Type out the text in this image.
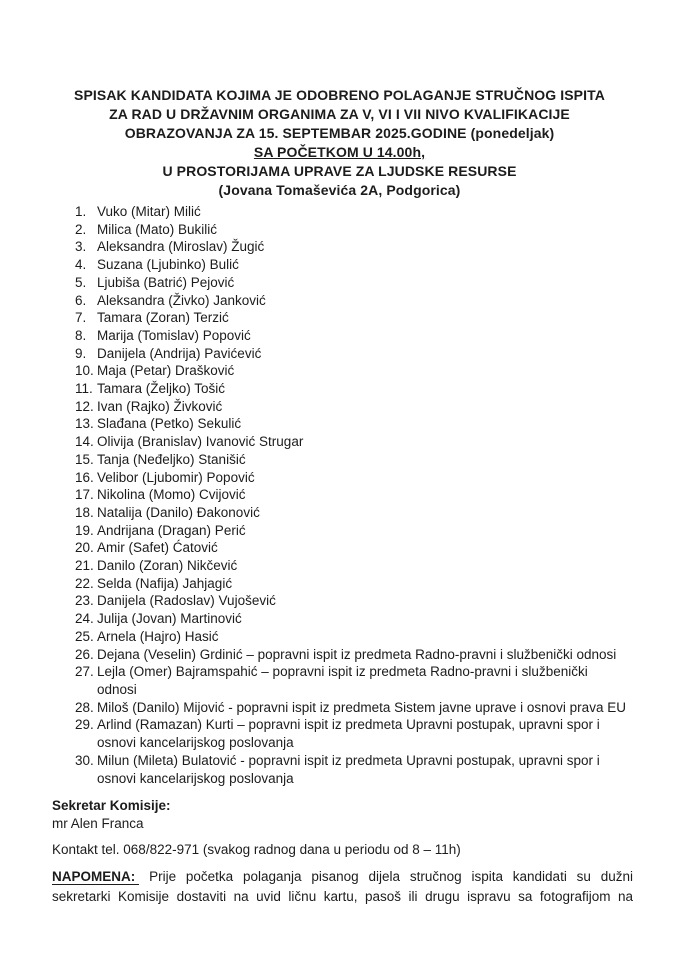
SPISAK KANDIDATA KOJIMA JE ODOBRENO POLAGANJE STRUČNOG ISPITA
ZA RAD U DRŽAVNIM ORGANIMA ZA V, VI I VII NIVO KVALIFIKACIJE
OBRAZOVANJA ZA 15. SEPTEMBAR 2025.GODINE (ponedeljak)
SA POČETKOM U 14.00h,
U PROSTORIJAMA UPRAVE ZA LJUDSKE RESURSE
(Jovana Tomaševića 2A, Podgorica)
1. Vuko (Mitar) Milić
2. Milica (Mato) Bukilić
3. Aleksandra (Miroslav) Žugić
4. Suzana (Ljubinko) Bulić
5. Ljubiša (Batrić) Pejović
6. Aleksandra (Živko) Janković
7. Tamara (Zoran) Terzić
8. Marija (Tomislav) Popović
9. Danijela (Andrija) Pavićević
10. Maja (Petar) Drašković
11. Tamara (Željko) Tošić
12. Ivan (Rajko) Živković
13. Slađana (Petko) Sekulić
14. Olivija (Branislav) Ivanović Strugar
15. Tanja (Neđeljko) Stanišić
16. Velibor (Ljubomir) Popović
17. Nikolina (Momo) Cvijović
18. Natalija (Danilo) Đakonović
19. Andrijana (Dragan) Perić
20. Amir (Safet) Ćatović
21. Danilo (Zoran) Nikčević
22. Selda (Nafija) Jahjagić
23. Danijela (Radoslav) Vujošević
24. Julija (Jovan) Martinović
25. Arnela (Hajro) Hasić
26. Dejana (Veselin) Grdinić – popravni ispit iz predmeta Radno-pravni i službenički odnosi
27. Lejla (Omer) Bajramspahić – popravni ispit iz predmeta Radno-pravni i službenički
odnosi
28. Miloš (Danilo) Mijović - popravni ispit iz predmeta Sistem javne uprave i osnovi prava EU
29. Arlind (Ramazan) Kurti – popravni ispit iz predmeta Upravni postupak, upravni spor i
osnovi kancelarijskog poslovanja
30. Milun (Mileta) Bulatović - popravni ispit iz predmeta Upravni postupak, upravni spor i
osnovi kancelarijskog poslovanja
Sekretar Komisije:
mr Alen Franca
Kontakt tel. 068/822-971 (svakog radnog dana u periodu od 8 – 11h)
NAPOMENA: Prije početka polaganja pisanog dijela stručnog ispita kandidati su dužni
sekretarki Komisije dostaviti na uvid ličnu kartu, pasoš ili drugu ispravu sa fotografijom na
